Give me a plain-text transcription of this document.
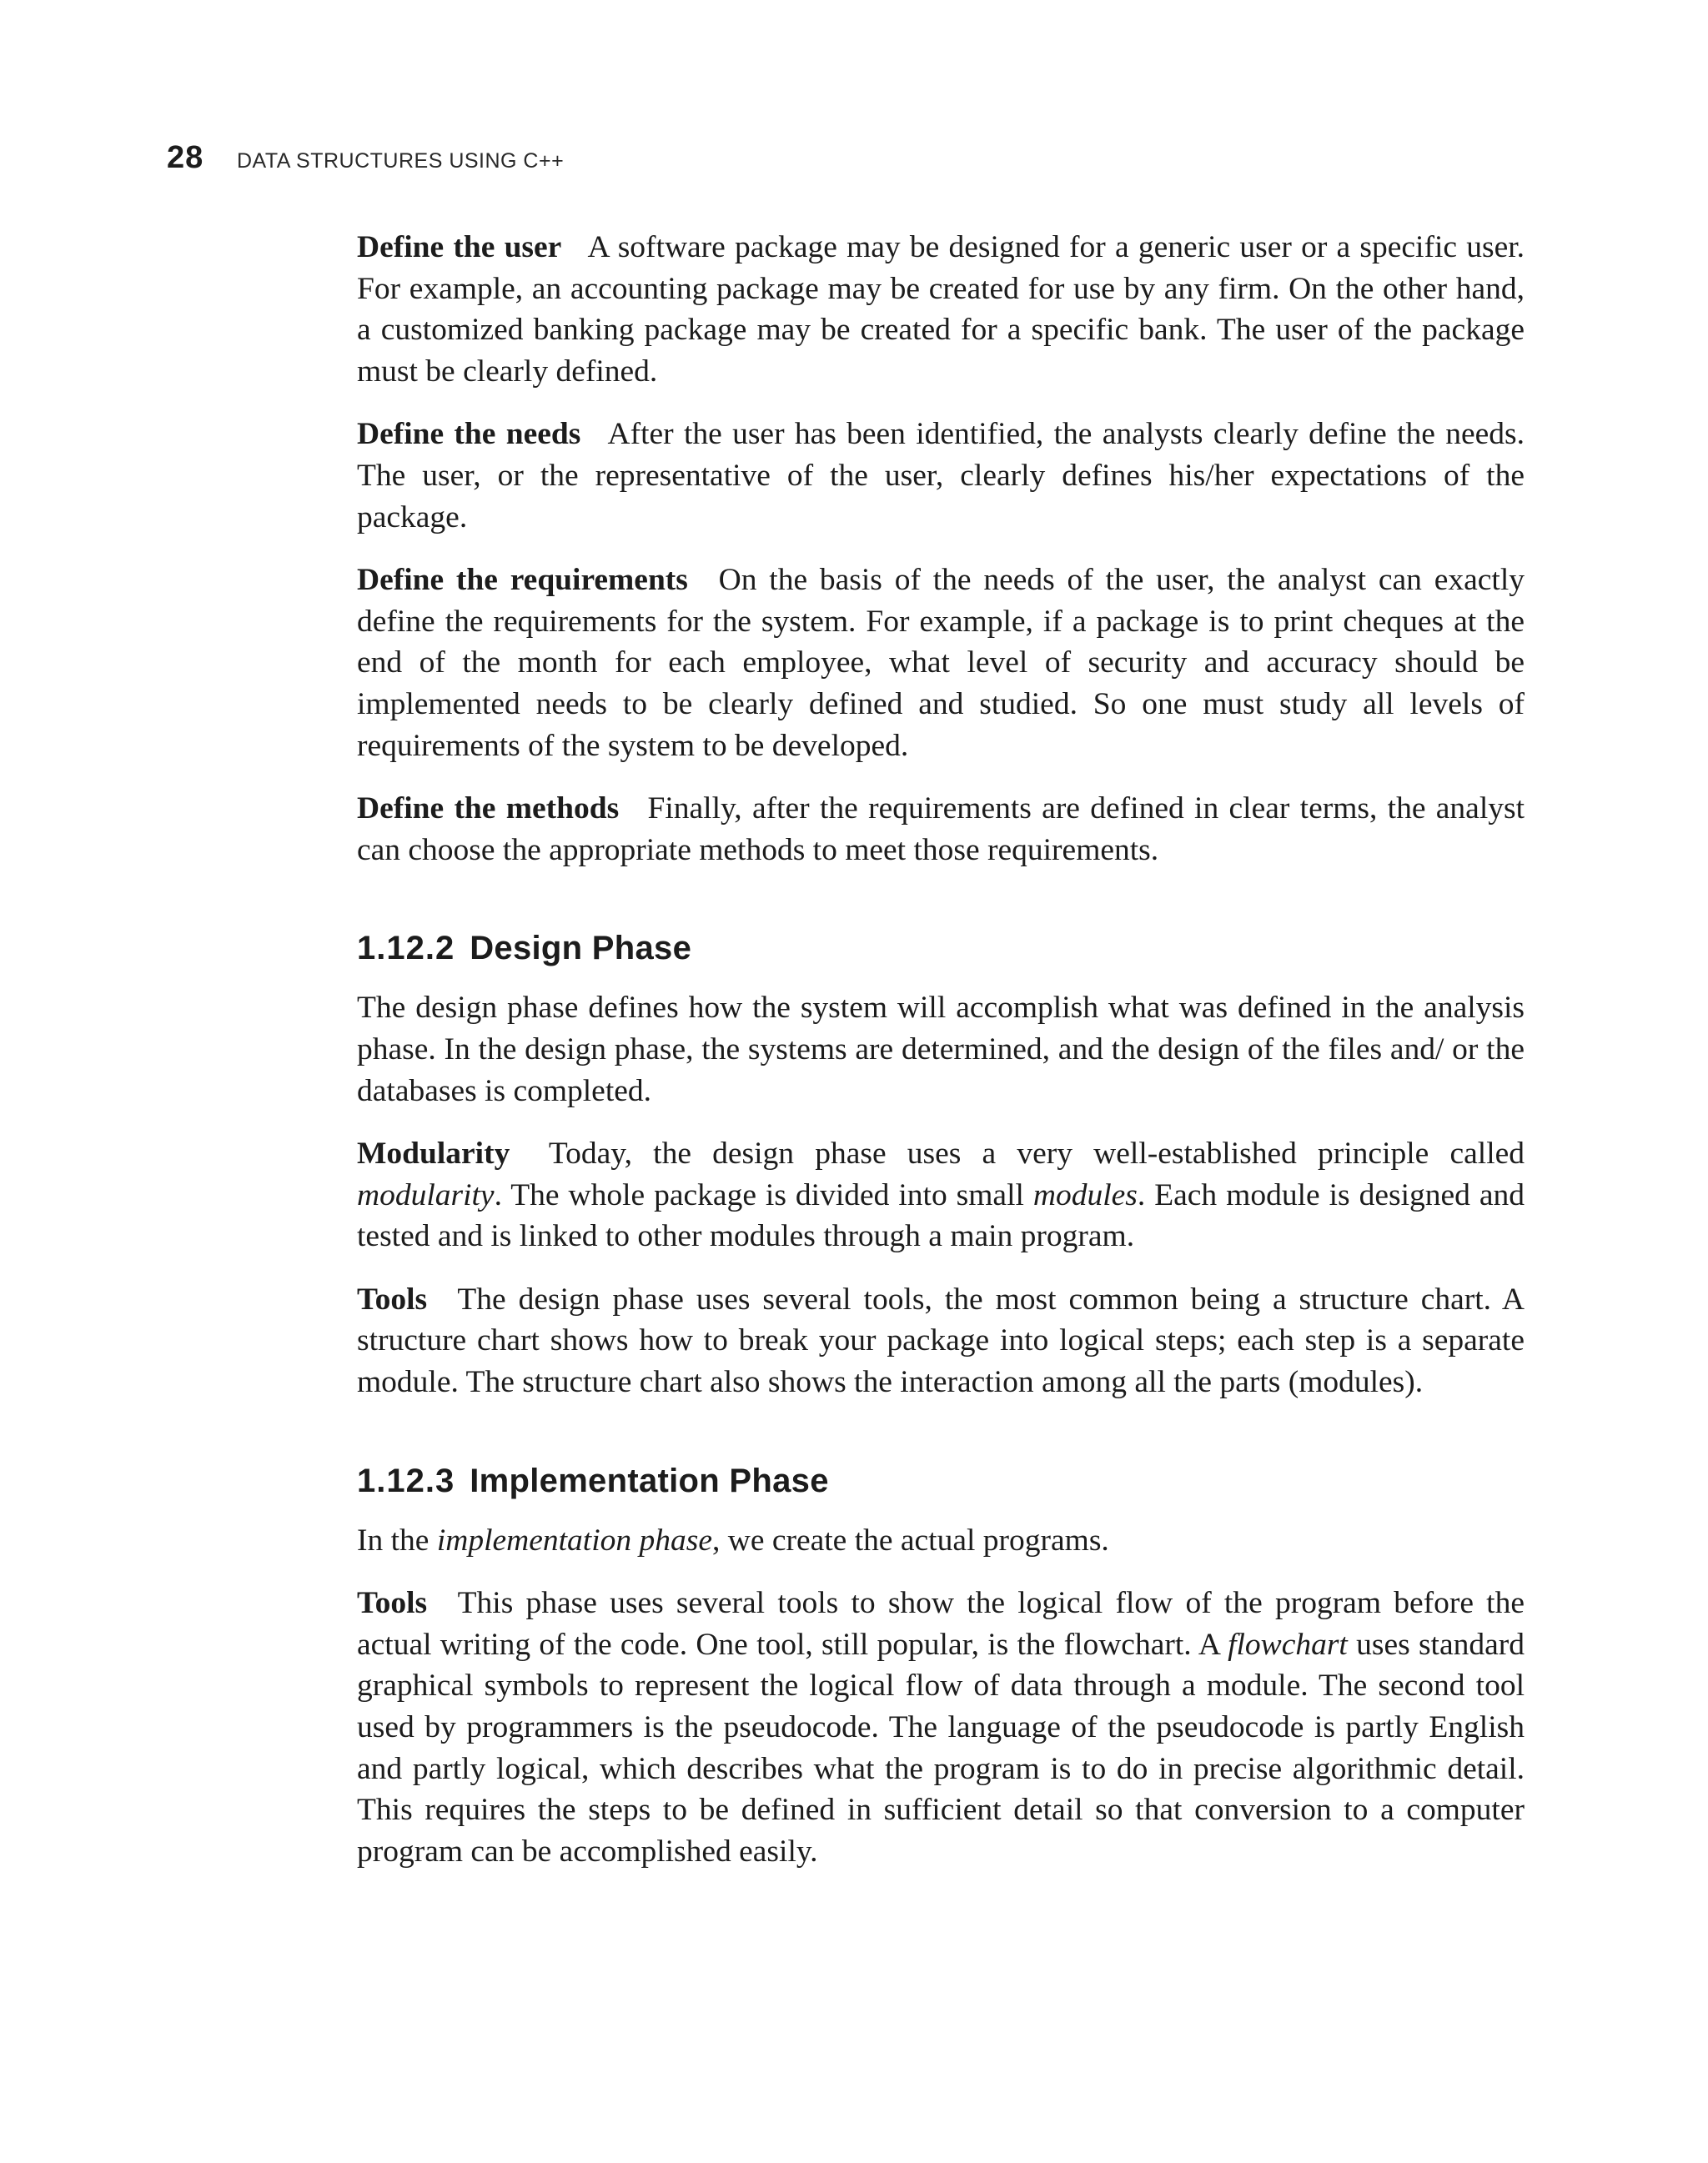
28	DATA STRUCTURES USING C++

Define the user A software package may be designed for a generic user or a specific user. For example, an accounting package may be created for use by any firm. On the other hand, a customized banking package may be created for a specific bank. The user of the package must be clearly defined.

Define the needs After the user has been identified, the analysts clearly define the needs. The user, or the representative of the user, clearly defines his/her expectations of the package.

Define the requirements On the basis of the needs of the user, the analyst can exactly define the requirements for the system. For example, if a package is to print cheques at the end of the month for each employee, what level of security and accuracy should be implemented needs to be clearly defined and studied. So one must study all levels of requirements of the system to be developed.

Define the methods Finally, after the requirements are defined in clear terms, the analyst can choose the appropriate methods to meet those requirements.

1.12.2 Design Phase

The design phase defines how the system will accomplish what was defined in the analysis phase. In the design phase, the systems are determined, and the design of the files and/ or the databases is completed.

Modularity Today, the design phase uses a very well-established principle called modularity. The whole package is divided into small modules. Each module is designed and tested and is linked to other modules through a main program.

Tools The design phase uses several tools, the most common being a structure chart. A structure chart shows how to break your package into logical steps; each step is a separate module. The structure chart also shows the interaction among all the parts (modules).

1.12.3 Implementation Phase

In the implementation phase, we create the actual programs.

Tools This phase uses several tools to show the logical flow of the program before the actual writing of the code. One tool, still popular, is the flowchart. A flowchart uses standard graphical symbols to represent the logical flow of data through a module. The second tool used by programmers is the pseudocode. The language of the pseudocode is partly English and partly logical, which describes what the program is to do in precise algorithmic detail. This requires the steps to be defined in sufficient detail so that conversion to a computer program can be accomplished easily.
